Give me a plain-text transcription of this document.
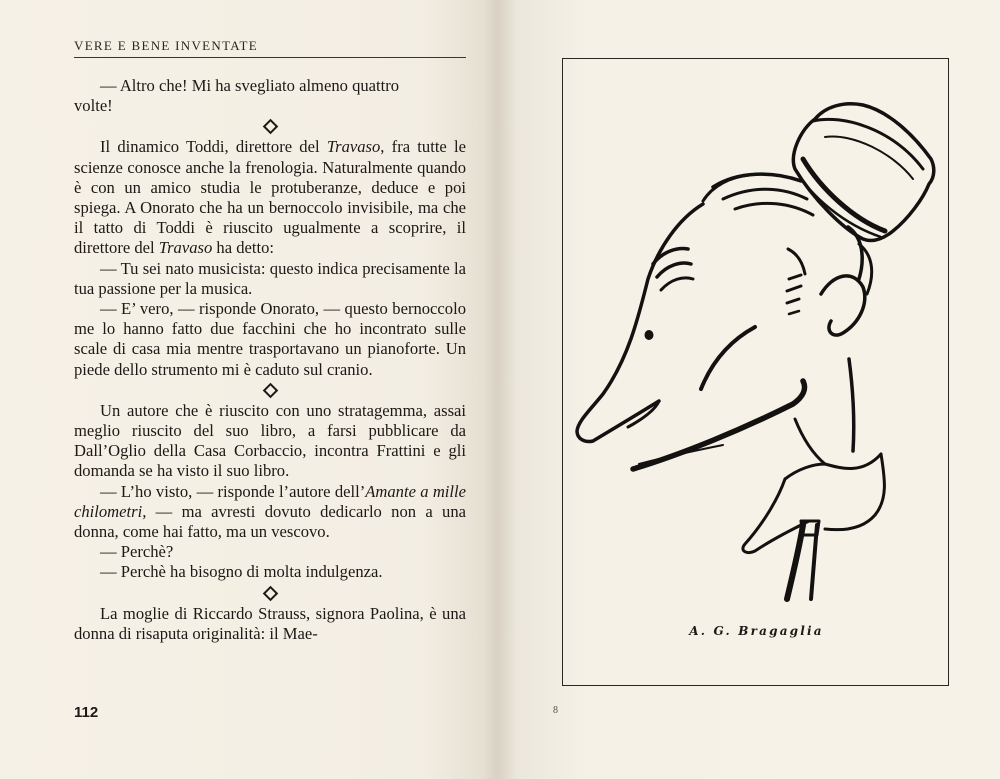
VERE E BENE INVENTATE

— Altro che! Mi ha svegliato almeno quattro
volte!

Il dinamico Toddi, direttore del Travaso, fra tutte le scienze conosce anche la frenologia. Naturalmente quando è con un amico studia le protuberanze, deduce e poi spiega. A Onorato che ha un bernoccolo invisibile, ma che il tatto di Toddi è riuscito ugualmente a scoprire, il direttore del Travaso ha detto:

— Tu sei nato musicista: questo indica precisamente la tua passione per la musica.

— E’ vero, — risponde Onorato, — questo bernoccolo me lo hanno fatto due facchini che ho incontrato sulle scale di casa mia mentre trasportavano un pianoforte. Un piede dello strumento mi è caduto sul cranio.

Un autore che è riuscito con uno stratagemma, assai meglio riuscito del suo libro, a farsi pubblicare da Dall’Oglio della Casa Corbaccio, incontra Frattini e gli domanda se ha visto il suo libro.

— L’ho visto, — risponde l’autore dell’Amante a mille chilometri, — ma avresti dovuto dedicarlo non a una donna, come hai fatto, ma un vescovo.

— Perchè?

— Perchè ha bisogno di molta indulgenza.

La moglie di Riccardo Strauss, signora Paolina, è una donna di risaputa originalità: il Mae-

112
A. G. Bragaglia
8
